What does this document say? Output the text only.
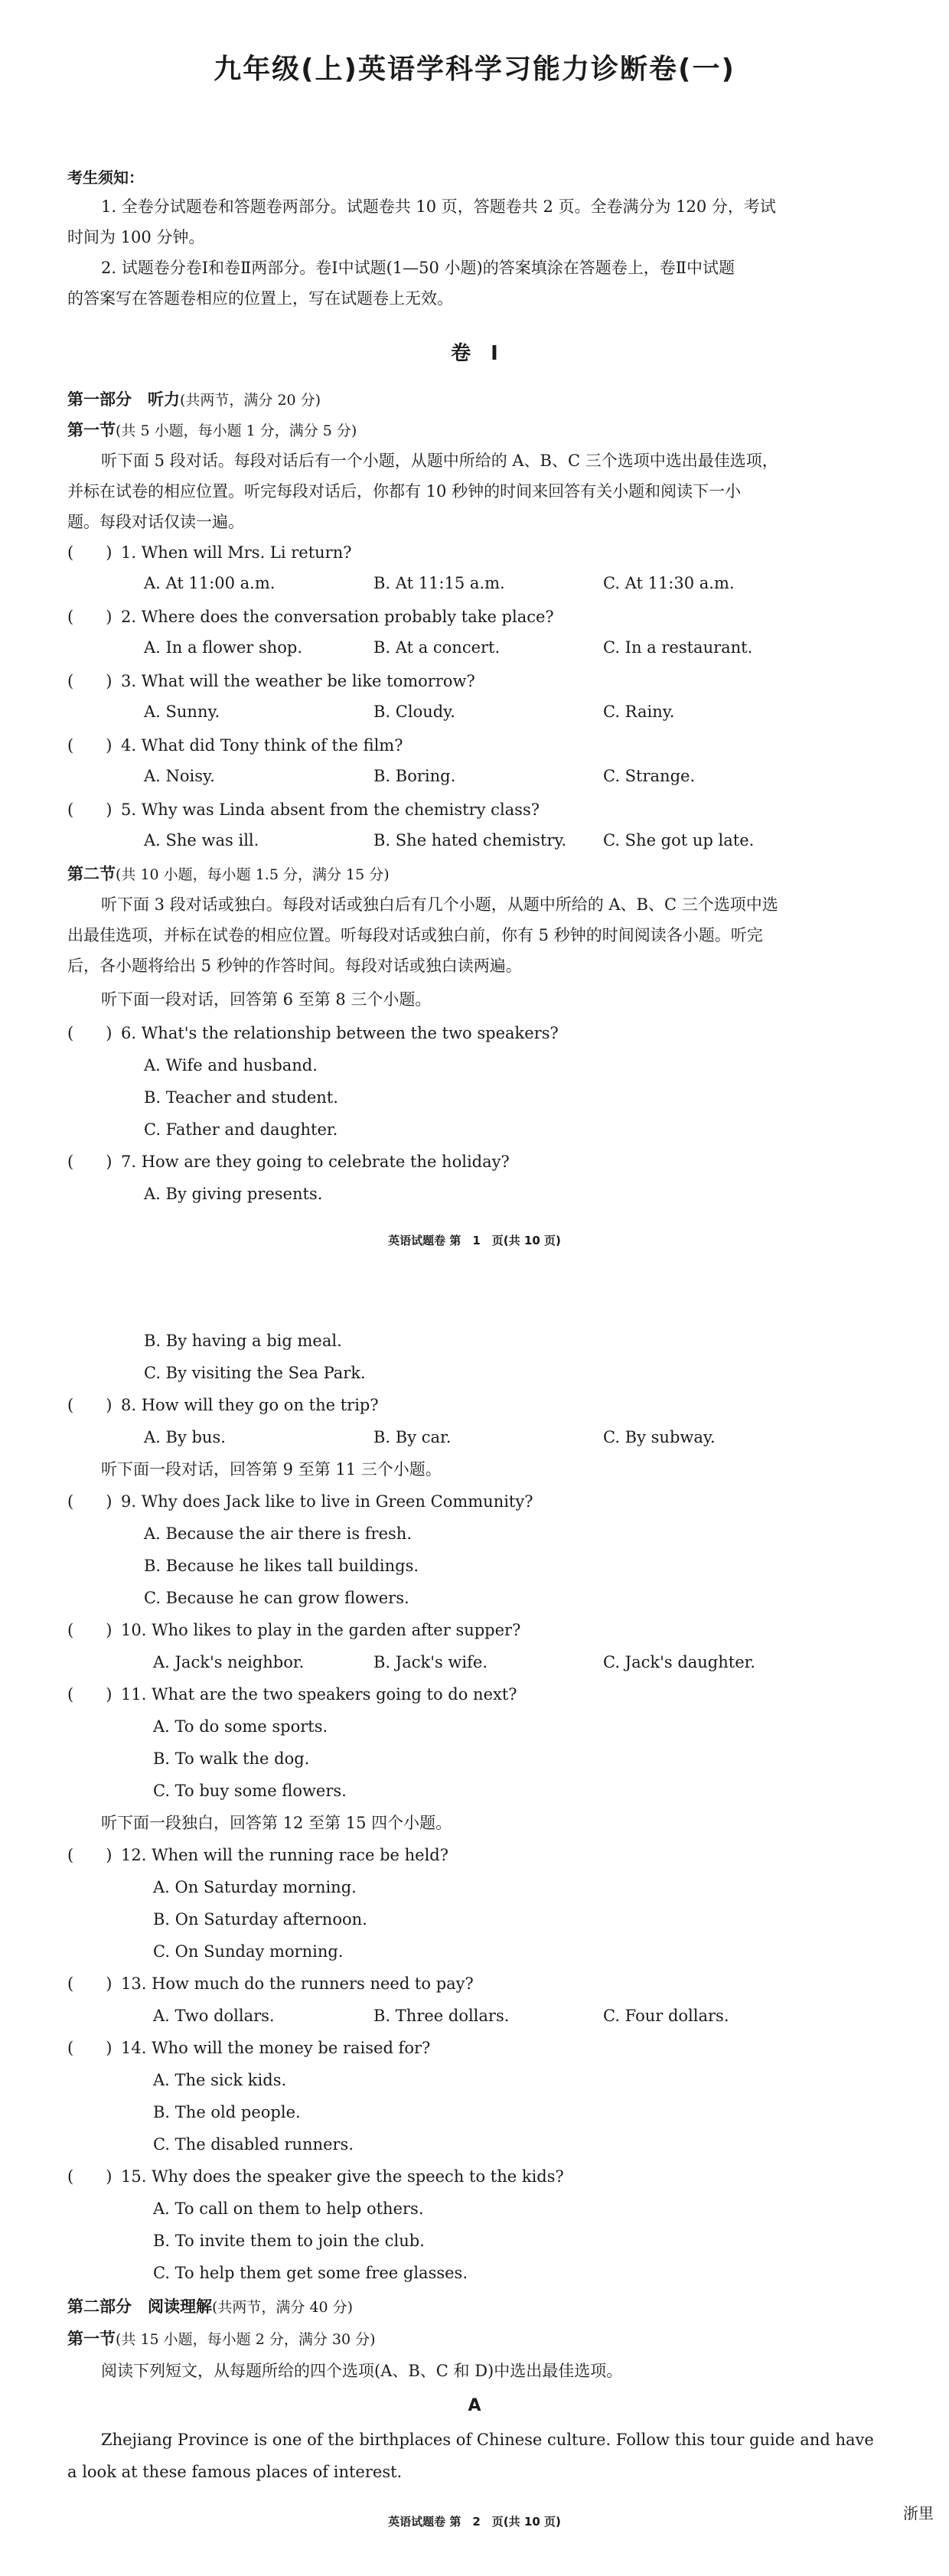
九年级(上)英语学科学习能力诊断卷(一)
考生须知：
1. 全卷分试题卷和答题卷两部分。试题卷共 10 页，答题卷共 2 页。全卷满分为 120 分，考试
时间为 100 分钟。
2. 试题卷分卷Ⅰ和卷Ⅱ两部分。卷Ⅰ中试题(1—50 小题)的答案填涂在答题卷上，卷Ⅱ中试题
的答案写在答题卷相应的位置上，写在试题卷上无效。
卷　Ⅰ
第一部分　听力(共两节，满分 20 分)
第一节(共 5 小题，每小题 1 分，满分 5 分)
听下面 5 段对话。每段对话后有一个小题，从题中所给的 A、B、C 三个选项中选出最佳选项，
并标在试卷的相应位置。听完每段对话后，你都有 10 秒钟的时间来回答有关小题和阅读下一小
题。每段对话仅读一遍。
(　　) 1. When will Mrs. Li return?
A. At 11:00 a.m.	B. At 11:15 a.m.	C. At 11:30 a.m.
(　　) 2. Where does the conversation probably take place?
A. In a flower shop.	B. At a concert.	C. In a restaurant.
(　　) 3. What will the weather be like tomorrow?
A. Sunny.	B. Cloudy.	C. Rainy.
(　　) 4. What did Tony think of the film?
A. Noisy.	B. Boring.	C. Strange.
(　　) 5. Why was Linda absent from the chemistry class?
A. She was ill.	B. She hated chemistry. C. She got up late.
第二节(共 10 小题，每小题 1.5 分，满分 15 分)
听下面 3 段对话或独白。每段对话或独白后有几个小题，从题中所给的 A、B、C 三个选项中选
出最佳选项，并标在试卷的相应位置。听每段对话或独白前，你有 5 秒钟的时间阅读各小题。听完
后，各小题将给出 5 秒钟的作答时间。每段对话或独白读两遍。
听下面一段对话，回答第 6 至第 8 三个小题。
(　　) 6. What's the relationship between the two speakers?
A. Wife and husband.
B. Teacher and student.
C. Father and daughter.
(　　) 7. How are they going to celebrate the holiday?
A. By giving presents.
英语试题卷 第　1　页(共 10 页)
B. By having a big meal.
C. By visiting the Sea Park.
(　　) 8. How will they go on the trip?
A. By bus.	B. By car.	C. By subway.
听下面一段对话，回答第 9 至第 11 三个小题。
(　　) 9. Why does Jack like to live in Green Community?
A. Because the air there is fresh.
B. Because he likes tall buildings.
C. Because he can grow flowers.
(　　) 10. Who likes to play in the garden after supper?
A. Jack's neighbor.	B. Jack's wife.	C. Jack's daughter.
(　　) 11. What are the two speakers going to do next?
A. To do some sports.
B. To walk the dog.
C. To buy some flowers.
听下面一段独白，回答第 12 至第 15 四个小题。
(　　) 12. When will the running race be held?
A. On Saturday morning.
B. On Saturday afternoon.
C. On Sunday morning.
(　　) 13. How much do the runners need to pay?
A. Two dollars.	B. Three dollars.	C. Four dollars.
(　　) 14. Who will the money be raised for?
A. The sick kids.
B. The old people.
C. The disabled runners.
(　　) 15. Why does the speaker give the speech to the kids?
A. To call on them to help others.
B. To invite them to join the club.
C. To help them get some free glasses.
第二部分　阅读理解(共两节，满分 40 分)
第一节(共 15 小题，每小题 2 分，满分 30 分)
阅读下列短文，从每题所给的四个选项(A、B、C 和 D)中选出最佳选项。
A
Zhejiang Province is one of the birthplaces of Chinese culture. Follow this tour guide and have
a look at these famous places of interest.
英语试题卷 第　2　页(共 10 页)	浙里
